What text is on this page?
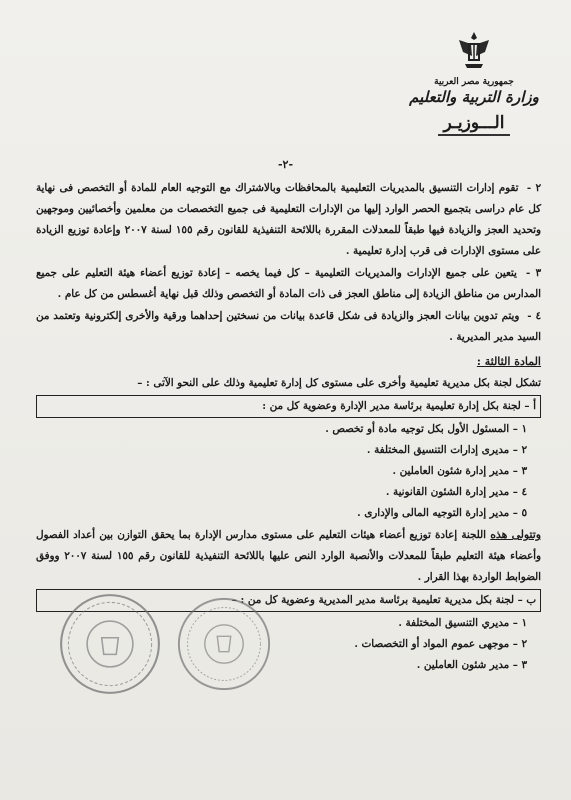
جمهورية مصر العربية
وزارة التربية والتعليم
الـــوزيـر
-٢-

٢ - تقوم إدارات التنسيق بالمديريات التعليمية بالمحافظات وبالاشتراك مع التوجيه العام للمادة أو التخصص فى نهاية كل عام دراسى بتجميع الحصر الوارد إليها من الإدارات التعليمية فى جميع التخصصات من معلمين وأخصائيين وموجهين وتحديد العجز والزيادة فيها طبقاً للمعدلات المقررة باللائحة التنفيذية للقانون رقم ١٥٥ لسنة ٢٠٠٧ وإعادة توزيع الزيادة على مستوى الإدارات فى قرب إدارة تعليمية .

٣ - يتعين على جميع الإدارات والمديريات التعليمية – كل فيما يخصه – إعادة توزيع أعضاء هيئة التعليم على جميع المدارس من مناطق الزيادة إلى مناطق العجز فى ذات المادة أو التخصص وذلك قبل نهاية أغسطس من كل عام .

٤ - ويتم تدوين بيانات العجز والزيادة فى شكل قاعدة بيانات من نسختين إحداهما ورقية والأخرى إلكترونية وتعتمد من السيد مدير المديرية .

المادة الثالثة :

تشكل لجنة بكل مديرية تعليمية وأخرى على مستوى كل إدارة تعليمية وذلك على النحو الآتى : –

أ – لجنة بكل إدارة تعليمية برئاسة مدير الإدارة وعضوية كل من :
١ – المسئول الأول بكل توجيه مادة أو تخصص .
٢ – مديرى إدارات التنسيق المختلفة .
٣ – مدير إدارة شئون العاملين .
٤ – مدير إدارة الشئون القانونية .
٥ – مدير إدارة التوجيه المالى والإدارى .

وتتولى هذه اللجنة إعادة توزيع أعضاء هيئات التعليم على مستوى مدارس الإدارة بما يحقق التوازن بين أعداد الفصول وأعضاء هيئة التعليم طبقاً للمعدلات والأنصبة الوارد النص عليها باللائحة التنفيذية للقانون رقم ١٥٥ لسنة ٢٠٠٧ ووفق الضوابط الواردة بهذا القرار .

ب – لجنة بكل مديرية تعليمية برئاسة مدير المديرية وعضوية كل من : –
١ – مديري التنسيق المختلفة .
٢ – موجهى عموم المواد أو التخصصات .
٣ – مدير شئون العاملين .
